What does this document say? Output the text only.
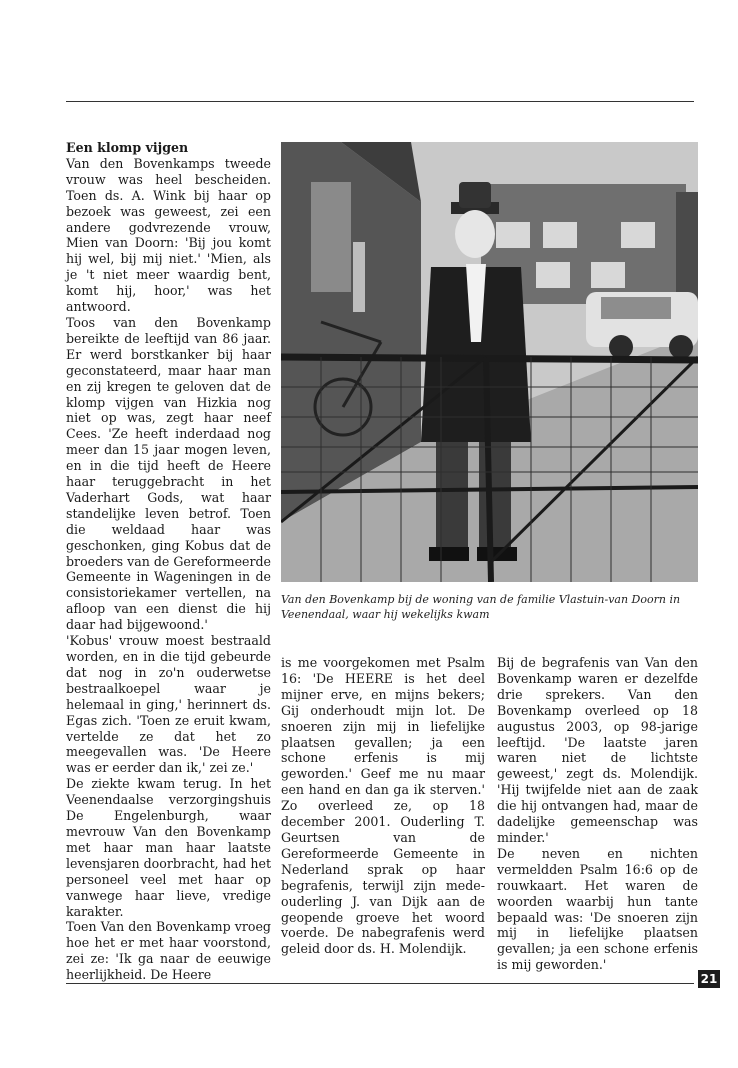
Een klomp vijgen

Van den Bovenkamps tweede vrouw was heel bescheiden. Toen ds. A. Wink bij haar op bezoek was geweest, zei een andere godvrezende vrouw, Mien van Doorn: 'Bij jou komt hij wel, bij mij niet.' 'Mien, als je 't niet meer waardig bent, komt hij, hoor,' was het antwoord.

Toos van den Bovenkamp bereikte de leeftijd van 86 jaar. Er werd borstkanker bij haar geconstateerd, maar haar man en zij kregen te geloven dat de klomp vijgen van Hizkia nog niet op was, zegt haar neef Cees. 'Ze heeft inderdaad nog meer dan 15 jaar mogen leven, en in die tijd heeft de Heere haar teruggebracht in het Vaderhart Gods, wat haar standelijke leven betrof. Toen die weldaad haar was geschonken, ging Kobus dat de broeders van de Gereformeerde Gemeente in Wageningen in de consistoriekamer vertellen, na afloop van een dienst die hij daar had bijgewoond.'

'Kobus' vrouw moest bestraald worden, en in die tijd gebeurde dat nog in zo'n ouderwetse bestraalkoepel waar je helemaal in ging,' herinnert ds. Egas zich. 'Toen ze eruit kwam, vertelde ze dat het zo meegevallen was. 'De Heere was er eerder dan ik,' zei ze.'

De ziekte kwam terug. In het Veenendaalse verzorgingshuis De Engelenburgh, waar mevrouw Van den Bovenkamp met haar man haar laatste levensjaren doorbracht, had het personeel veel met haar op vanwege haar lieve, vredige karakter.

Toen Van den Bovenkamp vroeg hoe het er met haar voorstond, zei ze: 'Ik ga naar de eeuwige heerlijkheid. De Heere

Van den Bovenkamp bij de woning van de familie Vlastuin-van Doorn in Veenendaal, waar hij wekelijks kwam

is me voorgekomen met Psalm 16: 'De HEERE is het deel mijner erve, en mijns bekers; Gij onderhoudt mijn lot. De snoeren zijn mij in liefelijke plaatsen gevallen; ja een schone erfenis is mij geworden.' Geef me nu maar een hand en dan ga ik sterven.' Zo overleed ze, op 18 december 2001. Ouderling T. Geurtsen van de Gereformeerde Gemeente in Nederland sprak op haar begrafenis, terwijl zijn mede-ouderling J. van Dijk aan de geopende groeve het woord voerde. De nabegrafenis werd geleid door ds. H. Molendijk.

Bij de begrafenis van Van den Bovenkamp waren er dezelfde drie sprekers. Van den Bovenkamp overleed op 18 augustus 2003, op 98-jarige leeftijd. 'De laatste jaren waren niet de lichtste geweest,' zegt ds. Molendijk. 'Hij twijfelde niet aan de zaak die hij ontvangen had, maar de dadelijke gemeenschap was minder.'

De neven en nichten vermeldden Psalm 16:6 op de rouwkaart. Het waren de woorden waarbij hun tante bepaald was: 'De snoeren zijn mij in liefelijke plaatsen gevallen; ja een schone erfenis is mij geworden.'

21
